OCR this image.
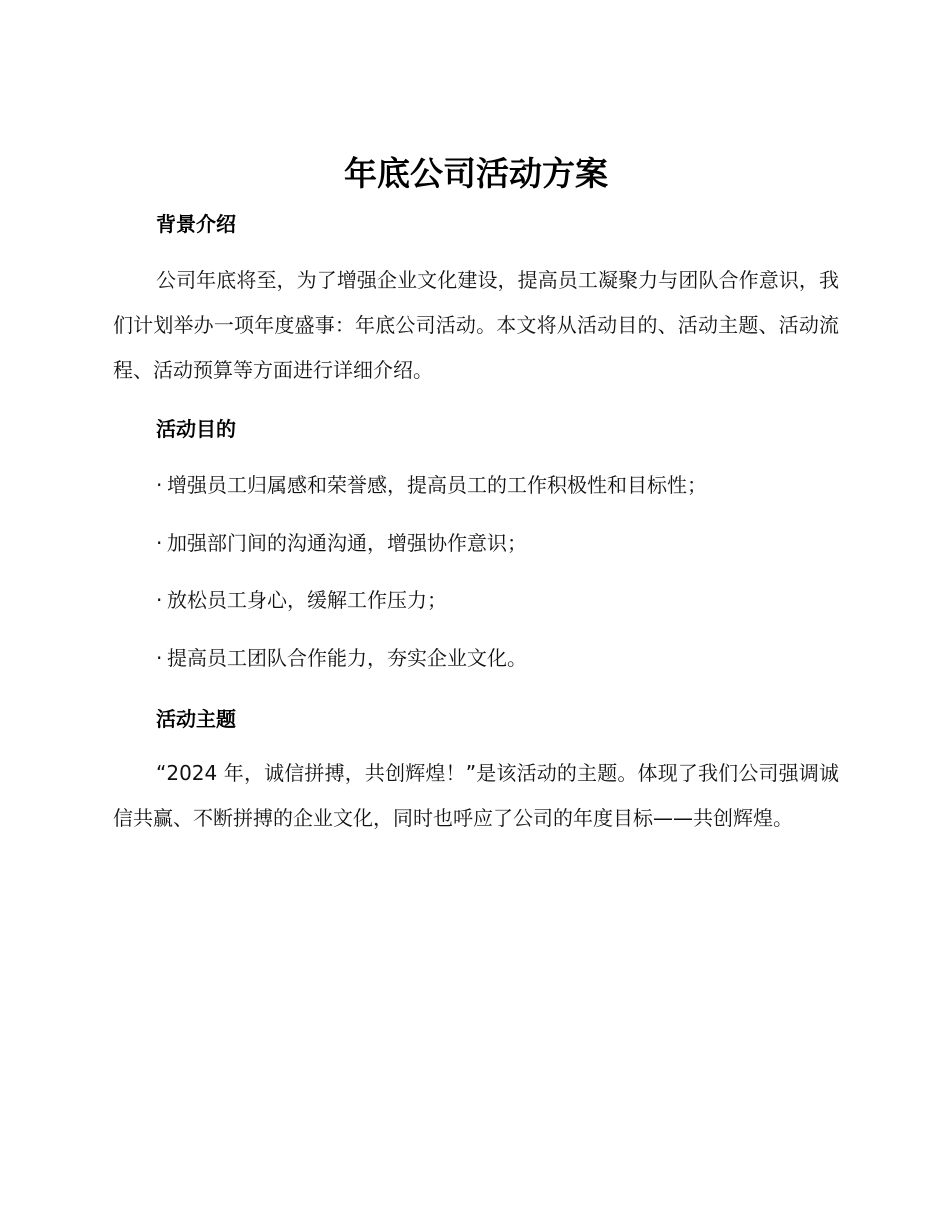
年底公司活动方案
背景介绍

公司年底将至，为了增强企业文化建设，提高员工凝聚力与团队合作意识，我们计划举办一项年度盛事：年底公司活动。本文将从活动目的、活动主题、活动流程、活动预算等方面进行详细介绍。

活动目的
· 增强员工归属感和荣誉感，提高员工的工作积极性和目标性；
· 加强部门间的沟通沟通，增强协作意识；
· 放松员工身心，缓解工作压力；
· 提高员工团队合作能力，夯实企业文化。
活动主题

“2024 年，诚信拼搏，共创辉煌！”是该活动的主题。体现了我们公司强调诚信共赢、不断拼搏的企业文化，同时也呼应了公司的年度目标——共创辉煌。
